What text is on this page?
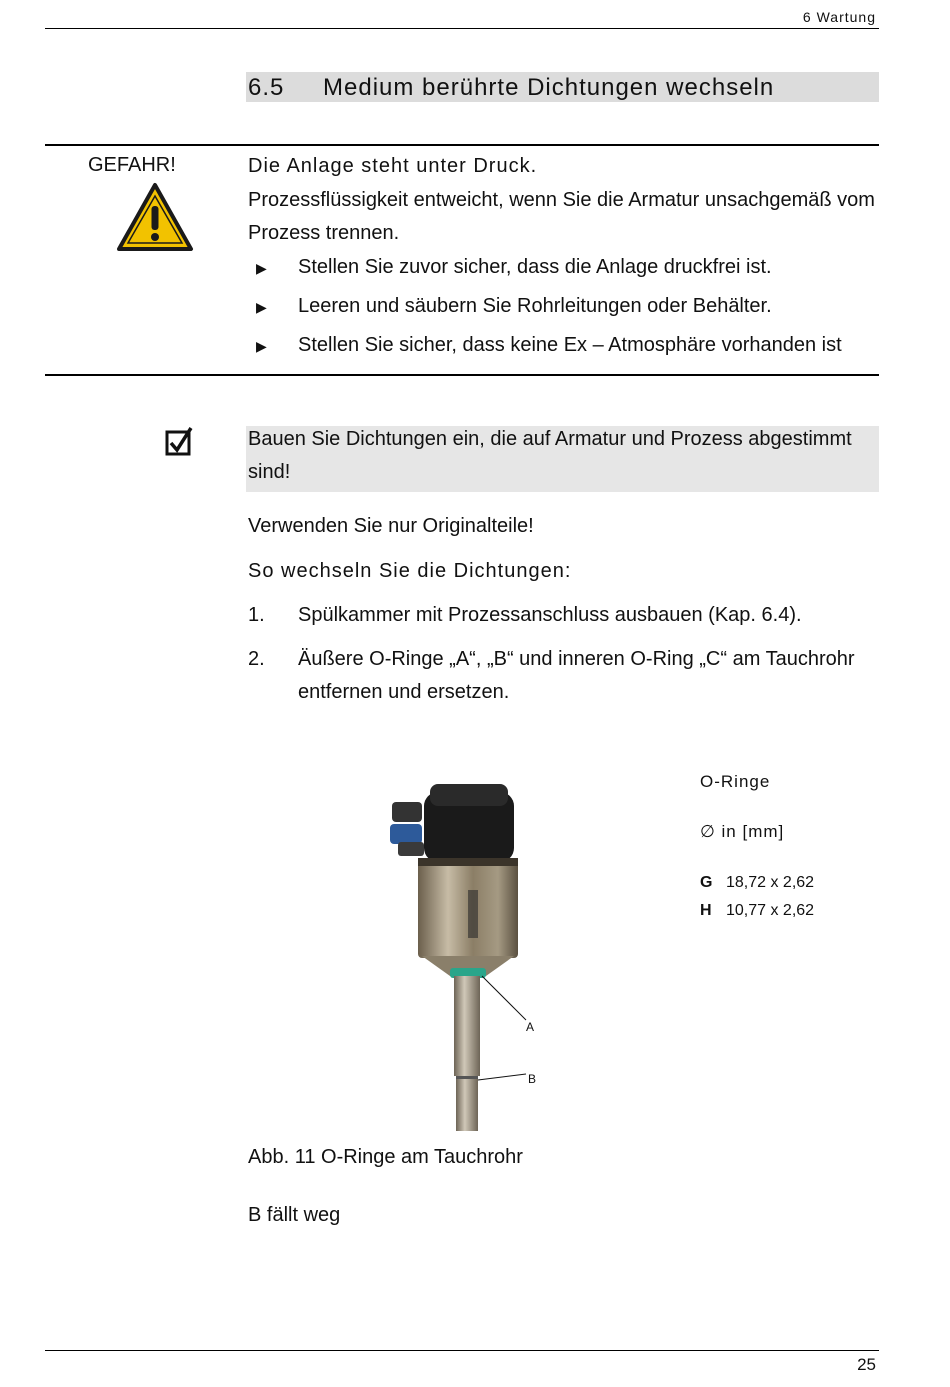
6 Wartung
6.5 Medium berührte Dichtungen wechseln
GEFAHR!	Die Anlage steht unter Druck.
Prozessflüssigkeit entweicht, wenn Sie die Armatur unsachgemäß vom Prozess trennen.
▶ Stellen Sie zuvor sicher, dass die Anlage druckfrei ist.
▶ Leeren und säubern Sie Rohrleitungen oder Behälter.
▶ Stellen Sie sicher, dass keine Ex – Atmosphäre vorhanden ist
Bauen Sie Dichtungen ein, die auf Armatur und Prozess abgestimmt sind!
Verwenden Sie nur Originalteile!
So wechseln Sie die Dichtungen:
1. Spülkammer mit Prozessanschluss ausbauen (Kap. 6.4).
2. Äußere O-Ringe „A“, „B“ und inneren O-Ring „C“ am Tauchrohr entfernen und ersetzen.
A
B
O-Ringe
∅ in [mm]
G 18,72 x 2,62
H 10,77 x 2,62
Abb. 11 O-Ringe am Tauchrohr
B fällt weg
25
